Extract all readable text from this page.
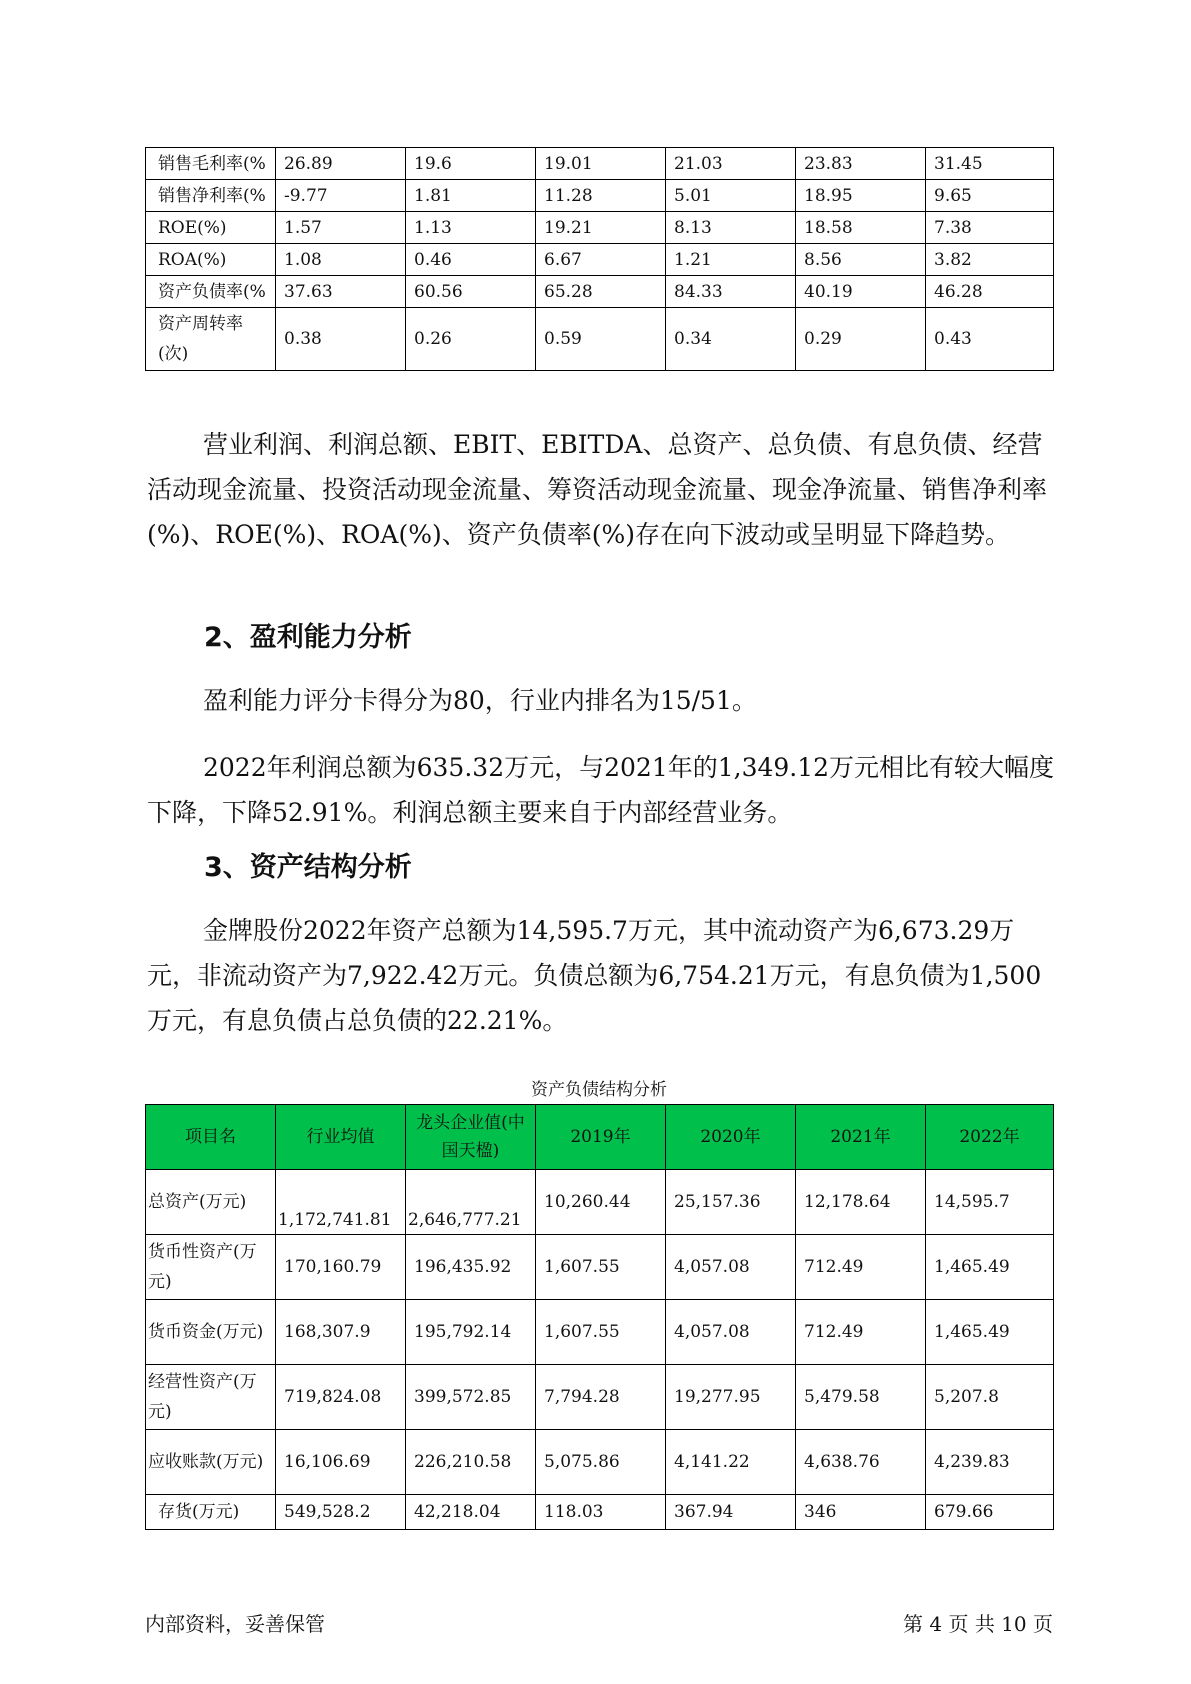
销售毛利率(%	26.89	19.6	19.01	21.03	23.83	31.45
销售净利率(%	-9.77	1.81	11.28	5.01	18.95	9.65
ROE(%)	1.57	1.13	19.21	8.13	18.58	7.38
ROA(%)	1.08	0.46	6.67	1.21	8.56	3.82
资产负债率(%	37.63	60.56	65.28	84.33	40.19	46.28
资产周转率(次)	0.38	0.26	0.59	0.34	0.29	0.43

营业利润、利润总额、EBIT、EBITDA、总资产、总负债、有息负债、经营活动现金流量、投资活动现金流量、筹资活动现金流量、现金净流量、销售净利率(%)、ROE(%)、ROA(%)、资产负债率(%)存在向下波动或呈明显下降趋势。

2、盈利能力分析

盈利能力评分卡得分为80，行业内排名为15/51。

2022年利润总额为635.32万元，与2021年的1,349.12万元相比有较大幅度下降，下降52.91%。利润总额主要来自于内部经营业务。

3、资产结构分析

金牌股份2022年资产总额为14,595.7万元，其中流动资产为6,673.29万元，非流动资产为7,922.42万元。负债总额为6,754.21万元，有息负债为1,500万元，有息负债占总负债的22.21%。

资产负债结构分析

项目名	行业均值	龙头企业值(中国天楹)	2019年	2020年	2021年	2022年
总资产(万元)	1,172,741.81	2,646,777.21	10,260.44	25,157.36	12,178.64	14,595.7
货币性资产(万元)	170,160.79	196,435.92	1,607.55	4,057.08	712.49	1,465.49
货币资金(万元)	168,307.9	195,792.14	1,607.55	4,057.08	712.49	1,465.49
经营性资产(万元)	719,824.08	399,572.85	7,794.28	19,277.95	5,479.58	5,207.8
应收账款(万元)	16,106.69	226,210.58	5,075.86	4,141.22	4,638.76	4,239.83
存货(万元)	549,528.2	42,218.04	118.03	367.94	346	679.66

内部资料，妥善保管	第 4 页 共 10 页
